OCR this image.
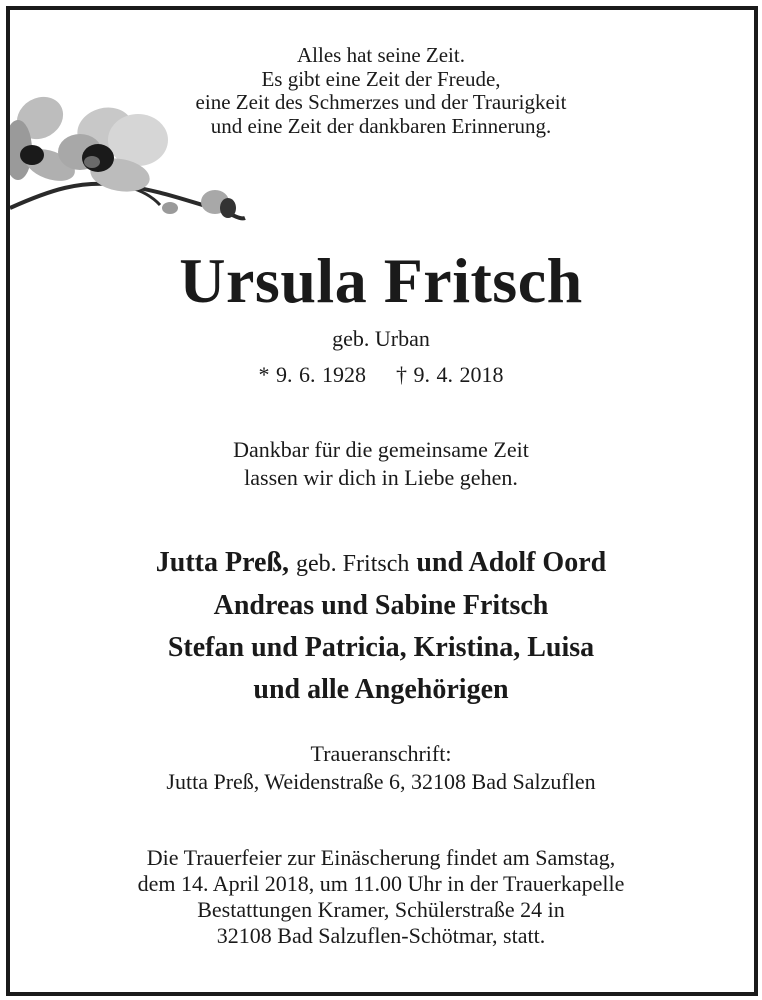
Alles hat seine Zeit.
Es gibt eine Zeit der Freude,
eine Zeit des Schmerzes und der Traurigkeit
und eine Zeit der dankbaren Erinnerung.
Ursula Fritsch
geb. Urban
* 9. 6. 1928 † 9. 4. 2018
Dankbar für die gemeinsame Zeit
lassen wir dich in Liebe gehen.
Jutta Preß, geb. Fritsch und Adolf Oord
Andreas und Sabine Fritsch
Stefan und Patricia, Kristina, Luisa
und alle Angehörigen
Traueranschrift:
Jutta Preß, Weidenstraße 6, 32108 Bad Salzuflen
Die Trauerfeier zur Einäscherung findet am Samstag,
dem 14. April 2018, um 11.00 Uhr in der Trauerkapelle
Bestattungen Kramer, Schülerstraße 24 in
32108 Bad Salzuflen-Schötmar, statt.
